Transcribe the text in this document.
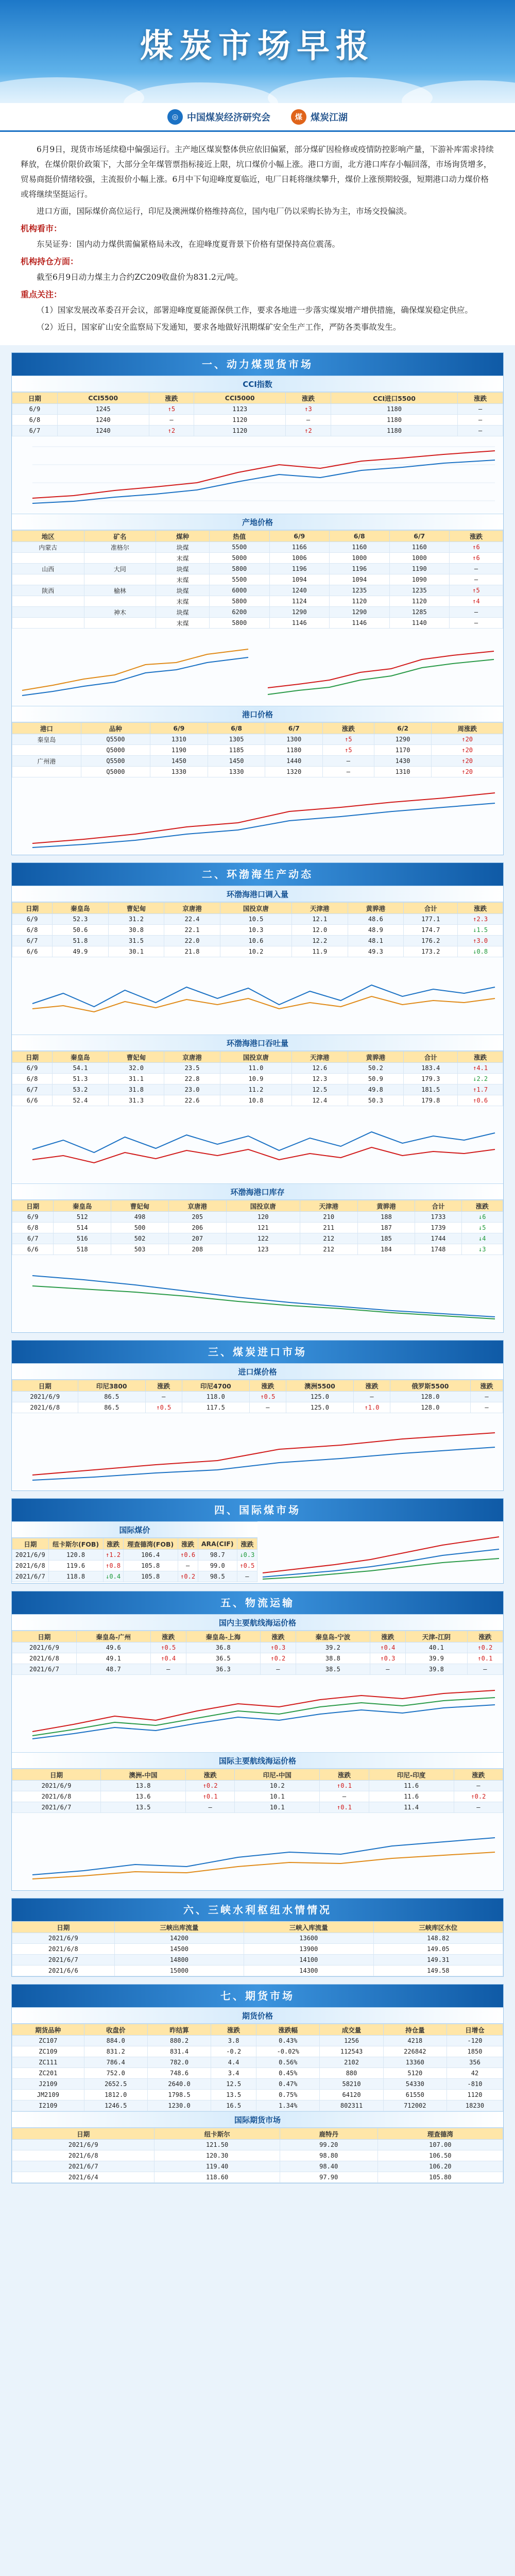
煤炭市场早报
◎ 中国煤炭经济研究会	煤 煤炭江湖

6月9日，现货市场延续稳中偏强运行。主产地区煤炭整体供应依旧偏紧，部分煤矿因检修或疫情防控影响产量，下游补库需求持续释放，在煤价限价政策下，大部分全年煤管票指标接近上限，坑口煤价小幅上涨。港口方面，北方港口库存小幅回落，市场询货增多，贸易商挺价情绪较强，主流报价小幅上涨。6月中下旬迎峰度夏临近，电厂日耗将继续攀升，煤价上涨预期较强，短期港口动力煤价格或将继续坚挺运行。

进口方面，国际煤价高位运行，印尼及澳洲煤价格维持高位，国内电厂仍以采购长协为主，市场交投偏淡。

机构看市：

东吴证券：国内动力煤供需偏紧格局未改，在迎峰度夏背景下价格有望保持高位震荡。

机构持仓方面：

截至6月9日动力煤主力合约ZC209收盘价为831.2元/吨。

重点关注：

（1）国家发展改革委召开会议，部署迎峰度夏能源保供工作，要求各地进一步落实煤炭增产增供措施，确保煤炭稳定供应。

（2）近日，国家矿山安全监察局下发通知，要求各地做好汛期煤矿安全生产工作，严防各类事故发生。

一、动力煤现货市场
CCI指数
日期	CCI5500	涨跌	CCI5000	涨跌	CCI进口5500	涨跌
6/9	1245	↑5	1123	↑3	1180	—
6/8	1240	—	1120	—	1180	—
6/7	1240	↑2	1120	↑2	1180	—
产地价格
地区	矿名	煤种	热值	6/9	6/8	6/7	涨跌
内蒙古	准格尔	块煤	5500	1166	1160	1160	↑6
		末煤	5000	1006	1000	1000	↑6
山西	大同	块煤	5800	1196	1196	1190	—
		末煤	5500	1094	1094	1090	—
陕西	榆林	块煤	6000	1240	1235	1235	↑5
		末煤	5800	1124	1120	1120	↑4
	神木	块煤	6200	1290	1290	1285	—
		末煤	5800	1146	1146	1140	—
港口价格
港口	品种	6/9	6/8	6/7	涨跌	6/2	周涨跌
秦皇岛	Q5500	1310	1305	1300	↑5	1290	↑20
	Q5000	1190	1185	1180	↑5	1170	↑20
广州港	Q5500	1450	1450	1440	—	1430	↑20
	Q5000	1330	1330	1320	—	1310	↑20
二、环渤海生产动态
环渤海港口调入量
日期	秦皇岛	曹妃甸	京唐港	国投京唐	天津港	黄骅港	合计	涨跌
6/9	52.3	31.2	22.4	10.5	12.1	48.6	177.1	↑2.3
6/8	50.6	30.8	22.1	10.3	12.0	48.9	174.7	↓1.5
6/7	51.8	31.5	22.0	10.6	12.2	48.1	176.2	↑3.0
6/6	49.9	30.1	21.8	10.2	11.9	49.3	173.2	↓0.8
环渤海港口吞吐量
日期	秦皇岛	曹妃甸	京唐港	国投京唐	天津港	黄骅港	合计	涨跌
6/9	54.1	32.0	23.5	11.0	12.6	50.2	183.4	↑4.1
6/8	51.3	31.1	22.8	10.9	12.3	50.9	179.3	↓2.2
6/7	53.2	31.8	23.0	11.2	12.5	49.8	181.5	↑1.7
6/6	52.4	31.3	22.6	10.8	12.4	50.3	179.8	↑0.6
环渤海港口库存
日期	秦皇岛	曹妃甸	京唐港	国投京唐	天津港	黄骅港	合计	涨跌
6/9	512	498	205	120	210	188	1733	↓6
6/8	514	500	206	121	211	187	1739	↓5
6/7	516	502	207	122	212	185	1744	↓4
6/6	518	503	208	123	212	184	1748	↓3
三、煤炭进口市场
进口煤价格
日期	印尼3800	涨跌	印尼4700	涨跌	澳洲5500	涨跌	俄罗斯5500	涨跌
2021/6/9	86.5	—	118.0	↑0.5	125.0	—	128.0	—
2021/6/8	86.5	↑0.5	117.5	—	125.0	↑1.0	128.0	—
四、国际煤市场
国际煤价
日期	纽卡斯尔(FOB)	涨跌	理查德湾(FOB)	涨跌	ARA(CIF)	涨跌
2021/6/9	120.8	↑1.2	106.4	↑0.6	98.7	↓0.3
2021/6/8	119.6	↑0.8	105.8	—	99.0	↑0.5
2021/6/7	118.8	↓0.4	105.8	↑0.2	98.5	—
五、物流运输
国内主要航线海运价格
日期	秦皇岛-广州	涨跌	秦皇岛-上海	涨跌	秦皇岛-宁波	涨跌	天津-江阴	涨跌
2021/6/9	49.6	↑0.5	36.8	↑0.3	39.2	↑0.4	40.1	↑0.2
2021/6/8	49.1	↑0.4	36.5	↑0.2	38.8	↑0.3	39.9	↑0.1
2021/6/7	48.7	—	36.3	—	38.5	—	39.8	—
国际主要航线海运价格
日期	澳洲-中国	涨跌	印尼-中国	涨跌	印尼-印度	涨跌
2021/6/9	13.8	↑0.2	10.2	↑0.1	11.6	—
2021/6/8	13.6	↑0.1	10.1	—	11.6	↑0.2
2021/6/7	13.5	—	10.1	↑0.1	11.4	—
六、三峡水利枢纽水情情况
日期	三峡出库流量	三峡入库流量	三峡库区水位
2021/6/9	14200	13600	148.82
2021/6/8	14500	13900	149.05
2021/6/7	14800	14100	149.31
2021/6/6	15000	14300	149.58
七、期货市场
期货价格
期货品种	收盘价	昨结算	涨跌	涨跌幅	成交量	持仓量	日增仓
ZC107	884.0	880.2	3.8	0.43%	1256	4218	-120
ZC109	831.2	831.4	-0.2	-0.02%	112543	226842	1850
ZC111	786.4	782.0	4.4	0.56%	2102	13360	356
ZC201	752.0	748.6	3.4	0.45%	880	5120	42
J2109	2652.5	2640.0	12.5	0.47%	58210	54330	-810
JM2109	1812.0	1798.5	13.5	0.75%	64120	61550	1120
I2109	1246.5	1230.0	16.5	1.34%	802311	712002	18230
国际期货市场
日期	纽卡斯尔	鹿特丹	理查德湾
2021/6/9	121.50	99.20	107.00
2021/6/8	120.30	98.80	106.50
2021/6/7	119.40	98.40	106.20
2021/6/4	118.60	97.90	105.80
